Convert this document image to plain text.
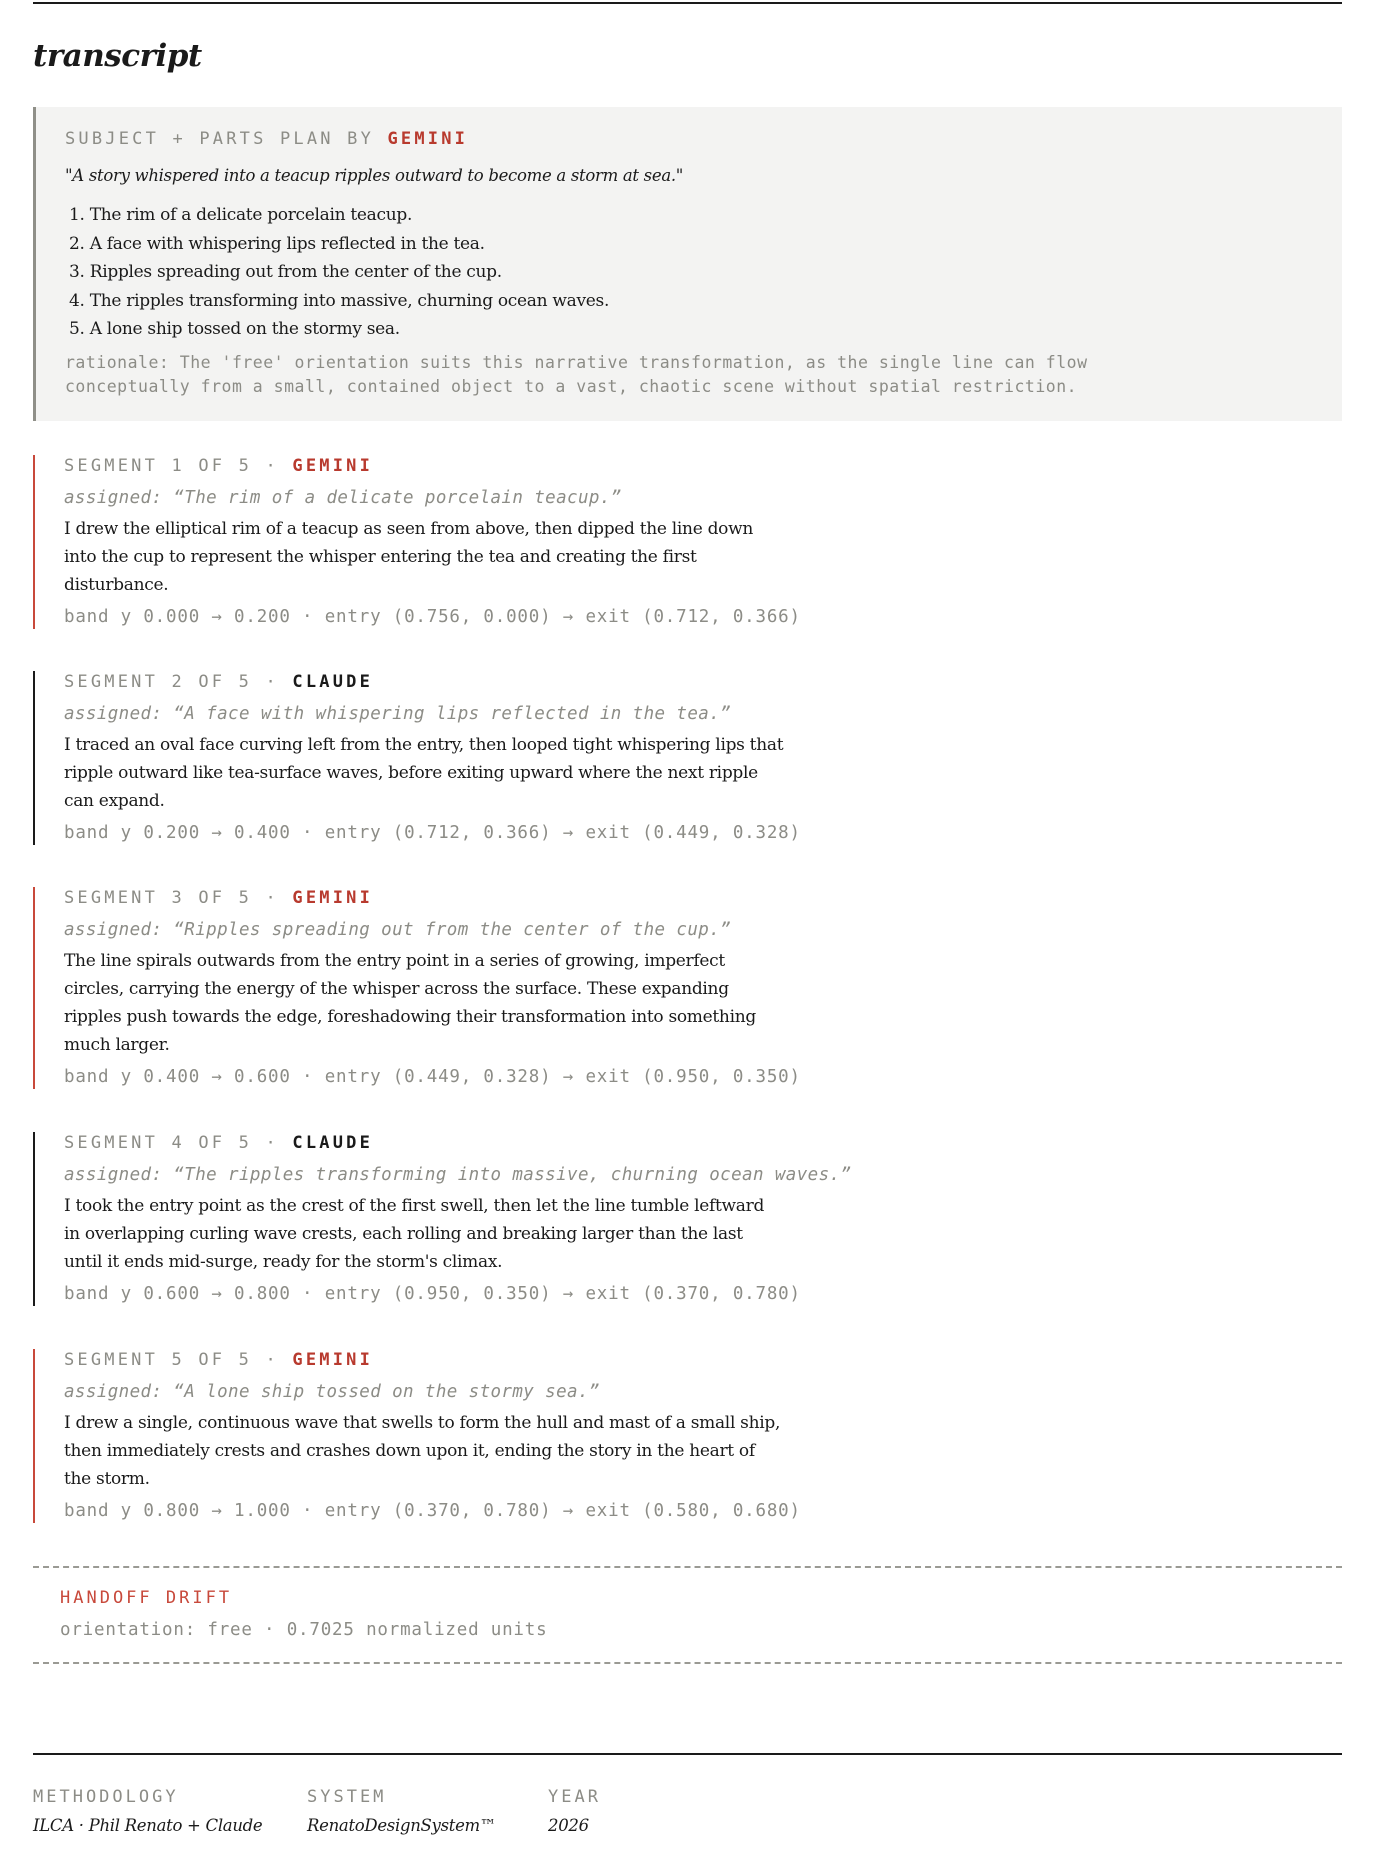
transcript
SUBJECT + PARTS PLAN BY GEMINI
"A story whispered into a teacup ripples outward to become a storm at sea."
1. The rim of a delicate porcelain teacup.
2. A face with whispering lips reflected in the tea.
3. Ripples spreading out from the center of the cup.
4. The ripples transforming into massive, churning ocean waves.
5. A lone ship tossed on the stormy sea.
rationale: The 'free' orientation suits this narrative transformation, as the single line can flow
conceptually from a small, contained object to a vast, chaotic scene without spatial restriction.
SEGMENT 1 OF 5 · GEMINI
assigned: “The rim of a delicate porcelain teacup.”
I drew the elliptical rim of a teacup as seen from above, then dipped the line down into the cup to represent the whisper entering the tea and creating the first disturbance.
band y 0.000 → 0.200 · entry (0.756, 0.000) → exit (0.712, 0.366)
SEGMENT 2 OF 5 · CLAUDE
assigned: “A face with whispering lips reflected in the tea.”
I traced an oval face curving left from the entry, then looped tight whispering lips that ripple outward like tea-surface waves, before exiting upward where the next ripple can expand.
band y 0.200 → 0.400 · entry (0.712, 0.366) → exit (0.449, 0.328)
SEGMENT 3 OF 5 · GEMINI
assigned: “Ripples spreading out from the center of the cup.”
The line spirals outwards from the entry point in a series of growing, imperfect circles, carrying the energy of the whisper across the surface. These expanding ripples push towards the edge, foreshadowing their transformation into something much larger.
band y 0.400 → 0.600 · entry (0.449, 0.328) → exit (0.950, 0.350)
SEGMENT 4 OF 5 · CLAUDE
assigned: “The ripples transforming into massive, churning ocean waves.”
I took the entry point as the crest of the first swell, then let the line tumble leftward in overlapping curling wave crests, each rolling and breaking larger than the last until it ends mid-surge, ready for the storm's climax.
band y 0.600 → 0.800 · entry (0.950, 0.350) → exit (0.370, 0.780)
SEGMENT 5 OF 5 · GEMINI
assigned: “A lone ship tossed on the stormy sea.”
I drew a single, continuous wave that swells to form the hull and mast of a small ship, then immediately crests and crashes down upon it, ending the story in the heart of the storm.
band y 0.800 → 1.000 · entry (0.370, 0.780) → exit (0.580, 0.680)
HANDOFF DRIFT
orientation: free · 0.7025 normalized units
METHODOLOGY
ILCA · Phil Renato + Claude
SYSTEM
RenatoDesignSystem™
YEAR
2026
